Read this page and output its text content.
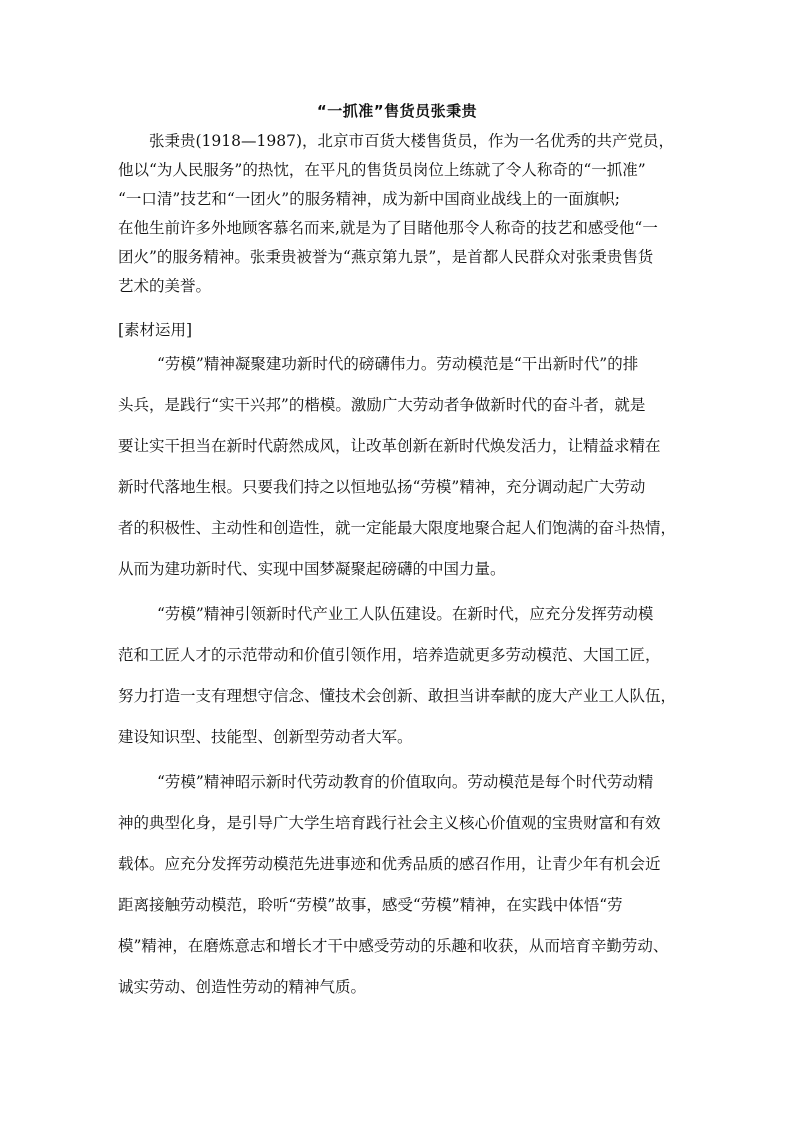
“一抓准”售货员张秉贵
张秉贵(1918—1987)，北京市百货大楼售货员，作为一名优秀的共产党员，
他以“为人民服务”的热忱，在平凡的售货员岗位上练就了令人称奇的“一抓准”
“一口清”技艺和“一团火”的服务精神，成为新中国商业战线上的一面旗帜;
在他生前许多外地顾客慕名而来,就是为了目睹他那令人称奇的技艺和感受他“一
团火”的服务精神。张秉贵被誉为“燕京第九景”，是首都人民群众对张秉贵售货
艺术的美誉。
[素材运用]
“劳模”精神凝聚建功新时代的磅礴伟力。劳动模范是“干出新时代”的排
头兵，是践行“实干兴邦”的楷模。激励广大劳动者争做新时代的奋斗者，就是
要让实干担当在新时代蔚然成风，让改革创新在新时代焕发活力，让精益求精在
新时代落地生根。只要我们持之以恒地弘扬“劳模”精神，充分调动起广大劳动
者的积极性、主动性和创造性，就一定能最大限度地聚合起人们饱满的奋斗热情，
从而为建功新时代、实现中国梦凝聚起磅礴的中国力量。
“劳模”精神引领新时代产业工人队伍建设。在新时代，应充分发挥劳动模
范和工匠人才的示范带动和价值引领作用，培养造就更多劳动模范、大国工匠，
努力打造一支有理想守信念、懂技术会创新、敢担当讲奉献的庞大产业工人队伍，
建设知识型、技能型、创新型劳动者大军。
“劳模”精神昭示新时代劳动教育的价值取向。劳动模范是每个时代劳动精
神的典型化身，是引导广大学生培育践行社会主义核心价值观的宝贵财富和有效
载体。应充分发挥劳动模范先进事迹和优秀品质的感召作用，让青少年有机会近
距离接触劳动模范，聆听“劳模”故事，感受“劳模”精神，在实践中体悟“劳
模”精神，在磨炼意志和增长才干中感受劳动的乐趣和收获，从而培育辛勤劳动、
诚实劳动、创造性劳动的精神气质。
